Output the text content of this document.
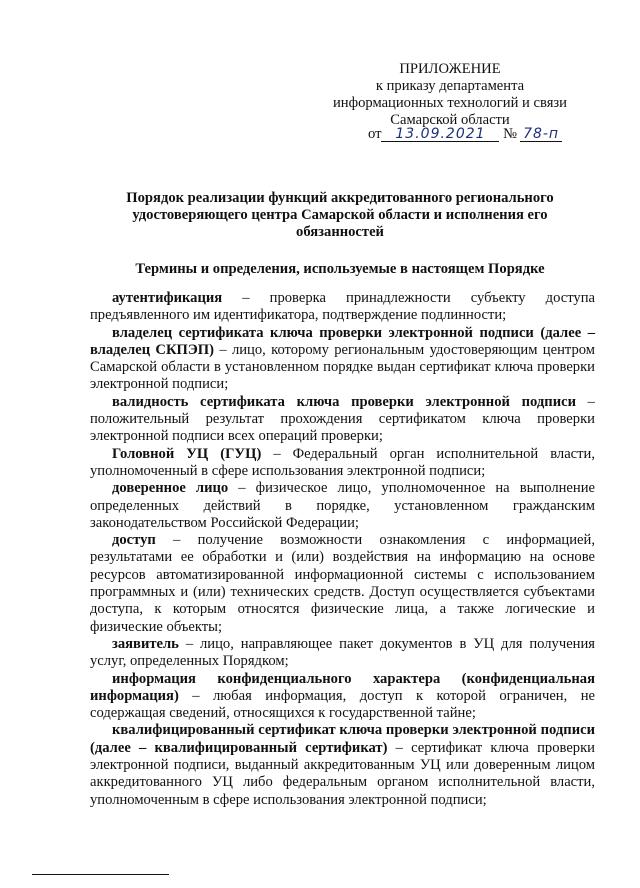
ПРИЛОЖЕНИЕ
к приказу департамента
информационных технологий и связи
Самарской области
от 13.09.2021 № 78-п
Порядок реализации функций аккредитованного регионального удостоверяющего центра Самарской области и исполнения его обязанностей
Термины и определения, используемые в настоящем Порядке

аутентификация – проверка принадлежности субъекту доступа предъявленного им идентификатора, подтверждение подлинности;

владелец сертификата ключа проверки электронной подписи (далее – владелец СКПЭП) – лицо, которому региональным удостоверяющим центром Самарской области в установленном порядке выдан сертификат ключа проверки электронной подписи;

валидность сертификата ключа проверки электронной подписи – положительный результат прохождения сертификатом ключа проверки электронной подписи всех операций проверки;

Головной УЦ (ГУЦ) – Федеральный орган исполнительной власти, уполномоченный в сфере использования электронной подписи;

доверенное лицо – физическое лицо, уполномоченное на выполнение определенных действий в порядке, установленном гражданским законодательством Российской Федерации;

доступ – получение возможности ознакомления с информацией, результатами ее обработки и (или) воздействия на информацию на основе ресурсов автоматизированной информационной системы с использованием программных и (или) технических средств. Доступ осуществляется субъектами доступа, к которым относятся физические лица, а также логические и физические объекты;

заявитель – лицо, направляющее пакет документов в УЦ для получения услуг, определенных Порядком;

информация конфиденциального характера (конфиденциальная информация) – любая информация, доступ к которой ограничен, не содержащая сведений, относящихся к государственной тайне;

квалифицированный сертификат ключа проверки электронной подписи (далее – квалифицированный сертификат) – сертификат ключа проверки электронной подписи, выданный аккредитованным УЦ или доверенным лицом аккредитованного УЦ либо федеральным органом исполнительной власти, уполномоченным в сфере использования электронной подписи;
